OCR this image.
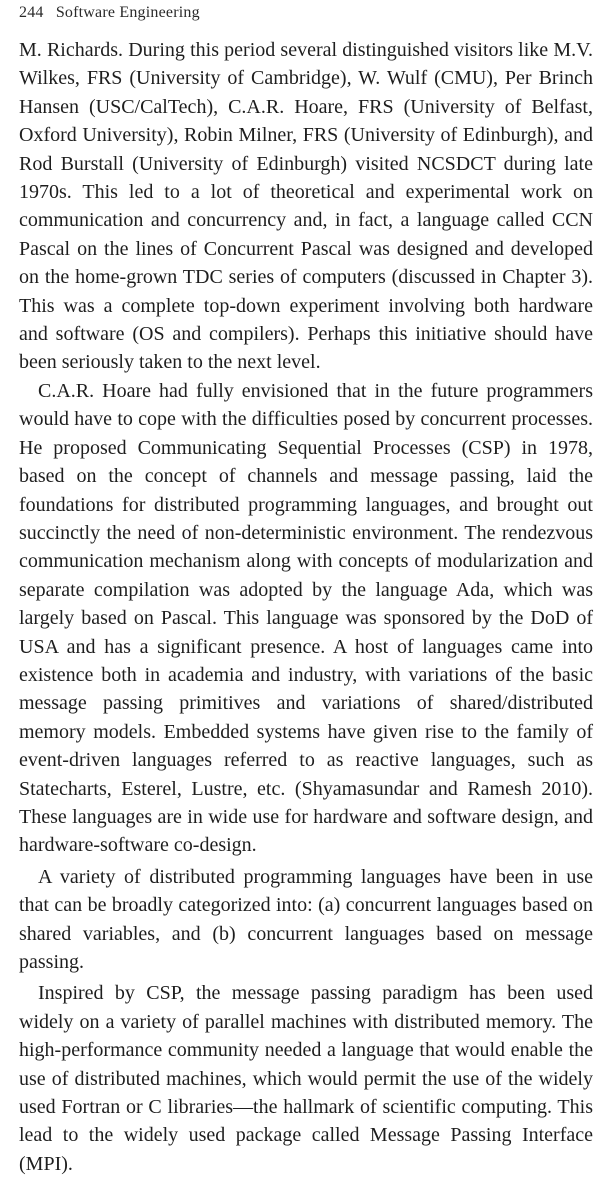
244 Software Engineering

M. Richards. During this period several distinguished visitors like M.V. Wilkes, FRS (University of Cambridge), W. Wulf (CMU), Per Brinch Hansen (USC/CalTech), C.A.R. Hoare, FRS (University of Belfast, Oxford University), Robin Milner, FRS (University of Edinburgh), and Rod Burstall (University of Edinburgh) visited NCSDCT during late 1970s. This led to a lot of theoretical and experimental work on communication and concurrency and, in fact, a language called CCN Pascal on the lines of Concurrent Pascal was designed and developed on the home-grown TDC series of computers (discussed in Chapter 3). This was a complete top-down experiment involving both hardware and software (OS and compilers). Perhaps this initiative should have been seriously taken to the next level.

C.A.R. Hoare had fully envisioned that in the future programmers would have to cope with the difficulties posed by concurrent processes. He proposed Communicating Sequential Processes (CSP) in 1978, based on the concept of channels and message passing, laid the foundations for distributed programming languages, and brought out succinctly the need of non-deterministic environment. The rendezvous communication mechanism along with concepts of modularization and separate compilation was adopted by the language Ada, which was largely based on Pascal. This language was sponsored by the DoD of USA and has a significant presence. A host of languages came into existence both in academia and industry, with variations of the basic message passing primitives and variations of shared/distributed memory models. Embedded systems have given rise to the family of event-driven languages referred to as reactive languages, such as Statecharts, Esterel, Lustre, etc. (Shyamasundar and Ramesh 2010). These languages are in wide use for hardware and software design, and hardware-software co-design.

A variety of distributed programming languages have been in use that can be broadly categorized into: (a) concurrent languages based on shared variables, and (b) concurrent languages based on message passing.

Inspired by CSP, the message passing paradigm has been used widely on a variety of parallel machines with distributed memory. The high-performance community needed a language that would enable the use of distributed machines, which would permit the use of the widely used Fortran or C libraries—the hallmark of scientific computing. This lead to the widely used package called Message Passing Interface (MPI).
